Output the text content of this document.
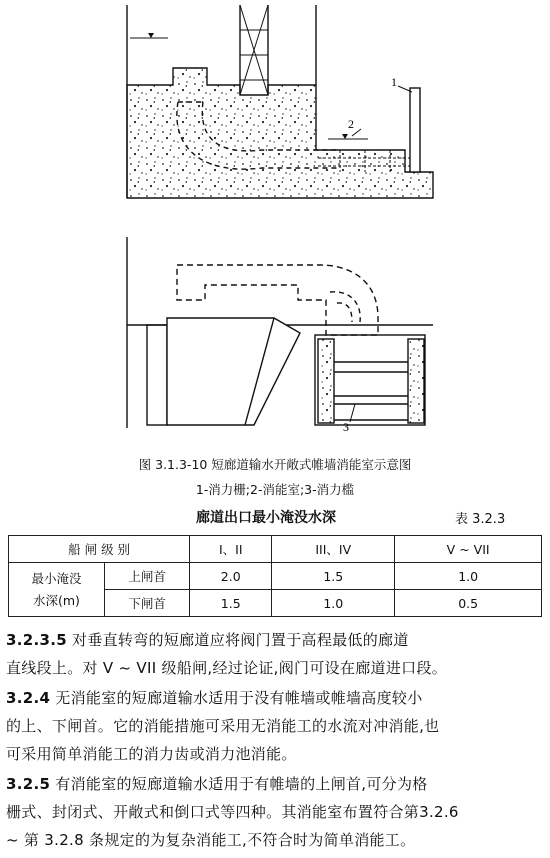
1
2
3
图 3.1.3-10 短廊道输水开敞式帷墙消能室示意图
1-消力栅;2-消能室;3-消力槛
廊道出口最小淹没水深	表 3.2.3
船 闸 级 别		I、II	III、IV	V ~ VII

最小淹没
水深(m)	上闸首	2.0	1.5	1.0
	下闸首	1.5	1.0	0.5
3.2.3.5 对垂直转弯的短廊道应将阀门置于高程最低的廊道
直线段上。对 V ~ VII 级船闸,经过论证,阀门可设在廊道进口段。
3.2.4 无消能室的短廊道输水适用于没有帷墙或帷墙高度较小
的上、下闸首。它的消能措施可采用无消能工的水流对冲消能,也
可采用简单消能工的消力齿或消力池消能。
3.2.5 有消能室的短廊道输水适用于有帷墙的上闸首,可分为格
栅式、封闭式、开敞式和倒口式等四种。其消能室布置符合第3.2.6
~ 第 3.2.8 条规定的为复杂消能工,不符合时为简单消能工。
